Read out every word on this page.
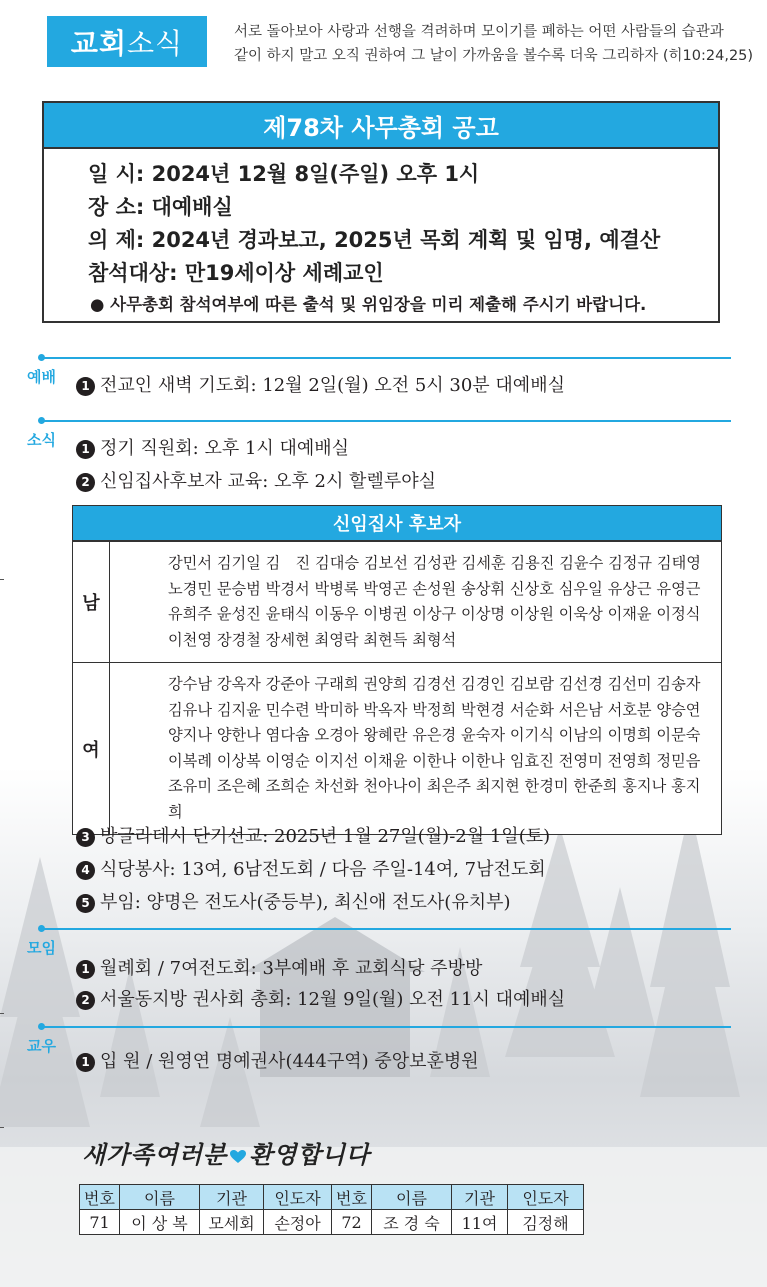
교회 소식	서로 돌아보아 사랑과 선행을 격려하며 모이기를 폐하는 어떤 사람들의 습관과
같이 하지 말고 오직 권하여 그 날이 가까움을 볼수록 더욱 그리하자 (히10:24,25)
제78차 사무총회 공고
일 시: 2024년 12월 8일(주일) 오후 1시
장 소: 대예배실
의 제: 2024년 경과보고, 2025년 목회 계획 및 임명, 예결산
참석대상: 만19세이상 세례교인
● 사무총회 참석여부에 따른 출석 및 위임장을 미리 제출해 주시기 바랍니다.
예배	1 전교인 새벽 기도회: 12월 2일(월) 오전 5시 30분 대예배실
소식	1 정기 직원회: 오후 1시 대예배실
2 신임집사후보자 교육: 오후 2시 할렐루야실
신임집사 후보자
남
강민서 김기일 김　진 김대승 김보선 김성관 김세훈 김용진 김윤수 김정규 김태영
노경민 문승범 박경서 박병록 박영곤 손성원 송상휘 신상호 심우일 유상근 유영근
유희주 윤성진 윤태식 이동우 이병권 이상구 이상명 이상원 이욱상 이재윤 이정식
이천영 장경철 장세현 최영락 최현득 최형석
여
강수남 강옥자 강준아 구래희 권양희 김경선 김경인 김보람 김선경 김선미 김송자
김유나 김지윤 민수련 박미하 박옥자 박정희 박현경 서순화 서은남 서호분 양승연
양지나 양한나 염다솜 오경아 왕혜란 유은경 윤숙자 이기식 이남의 이명희 이문숙
이복례 이상복 이영순 이지선 이채윤 이한나 이한나 임효진 전영미 전영희 정믿음
조유미 조은혜 조희순 차선화 천아나이 최은주 최지현 한경미 한준희 홍지나 홍지희
3 방글라데시 단기선교: 2025년 1월 27일(월)-2월 1일(토)
4 식당봉사: 13여, 6남전도회 / 다음 주일-14여, 7남전도회
5 부임: 양명은 전도사(중등부), 최신애 전도사(유치부)
모임
1 월례회 / 7여전도회: 3부예배 후 교회식당 주방방
2 서울동지방 권사회 총회: 12월 9일(월) 오전 11시 대예배실
교우
1 입 원 / 원영연 명예권사(444구역) 중앙보훈병원
새가족여러분 환영합니다
번호	이름	기관	인도자	번호	이름	기관	인도자
71	이 상 복	모세회	손정아	72	조 경 숙	11여	김정해
